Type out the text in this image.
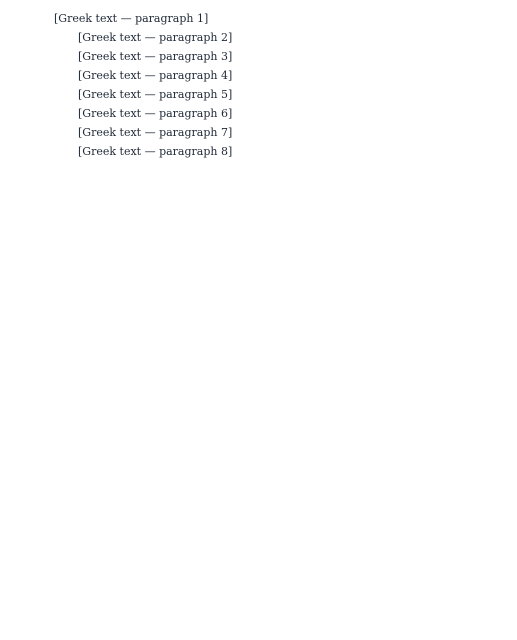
[Greek text — paragraph 1]

[Greek text — paragraph 2]

[Greek text — paragraph 3]

[Greek text — paragraph 4]

[Greek text — paragraph 5]

[Greek text — paragraph 6]

[Greek text — paragraph 7]

[Greek text — paragraph 8]
